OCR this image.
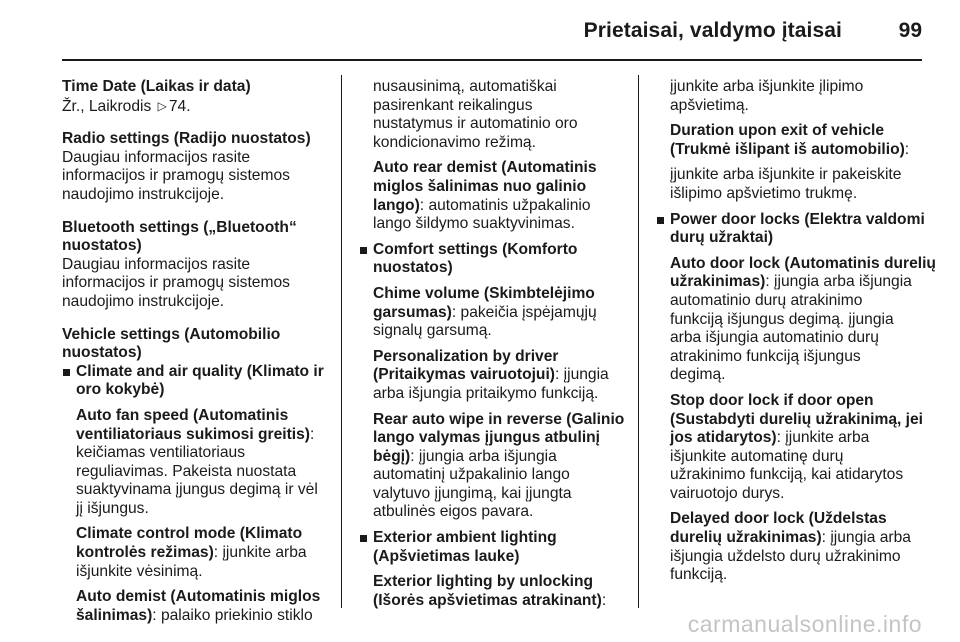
Prietaisai, valdymo įtaisai	99
Time Date (Laikas ir data)
Žr., Laikrodis ▷ 74.
Radio settings (Radijo nuostatos)
Daugiau informacijos rasite
informacijos ir pramogų sistemos
naudojimo instrukcijoje.
Bluetooth settings („Bluetooth“
nuostatos)
Daugiau informacijos rasite
informacijos ir pramogų sistemos
naudojimo instrukcijoje.
Vehicle settings (Automobilio
nuostatos)
Climate and air quality (Klimato ir
oro kokybė)
Auto fan speed (Automatinis
ventiliatoriaus sukimosi greitis):
keičiamas ventiliatoriaus
reguliavimas. Pakeista nuostata
suaktyvinama įjungus degimą ir vėl
jį išjungus.
Climate control mode (Klimato
kontrolės režimas): įjunkite arba
išjunkite vėsinimą.
Auto demist (Automatinis miglos
šalinimas): palaiko priekinio stiklo
nusausinimą, automatiškai
pasirenkant reikalingus
nustatymus ir automatinio oro
kondicionavimo režimą.
Auto rear demist (Automatinis
miglos šalinimas nuo galinio
lango): automatinis užpakalinio
lango šildymo suaktyvinimas.
Comfort settings (Komforto
nuostatos)
Chime volume (Skimbtelėjimo
garsumas): pakeičia įspėjamųjų
signalų garsumą.
Personalization by driver
(Pritaikymas vairuotojui): įjungia
arba išjungia pritaikymo funkciją.
Rear auto wipe in reverse (Galinio
lango valymas įjungus atbulinį
bėgį): įjungia arba išjungia
automatinį užpakalinio lango
valytuvo įjungimą, kai įjungta
atbulinės eigos pavara.
Exterior ambient lighting
(Apšvietimas lauke)
Exterior lighting by unlocking
(Išorės apšvietimas atrakinant):
įjunkite arba išjunkite įlipimo
apšvietimą.
Duration upon exit of vehicle
(Trukmė išlipant iš automobilio):
įjunkite arba išjunkite ir pakeiskite
išlipimo apšvietimo trukmę.
Power door locks (Elektra valdomi
durų užraktai)
Auto door lock (Automatinis durelių
užrakinimas): įjungia arba išjungia
automatinio durų atrakinimo
funkciją išjungus degimą. įjungia
arba išjungia automatinio durų
atrakinimo funkciją išjungus
degimą.
Stop door lock if door open
(Sustabdyti durelių užrakinimą, jei
jos atidarytos): įjunkite arba
išjunkite automatinę durų
užrakinimo funkciją, kai atidarytos
vairuotojo durys.
Delayed door lock (Uždelstas
durelių užrakinimas): įjungia arba
išjungia uždelsto durų užrakinimo
funkciją.
carmanualsonline.info
